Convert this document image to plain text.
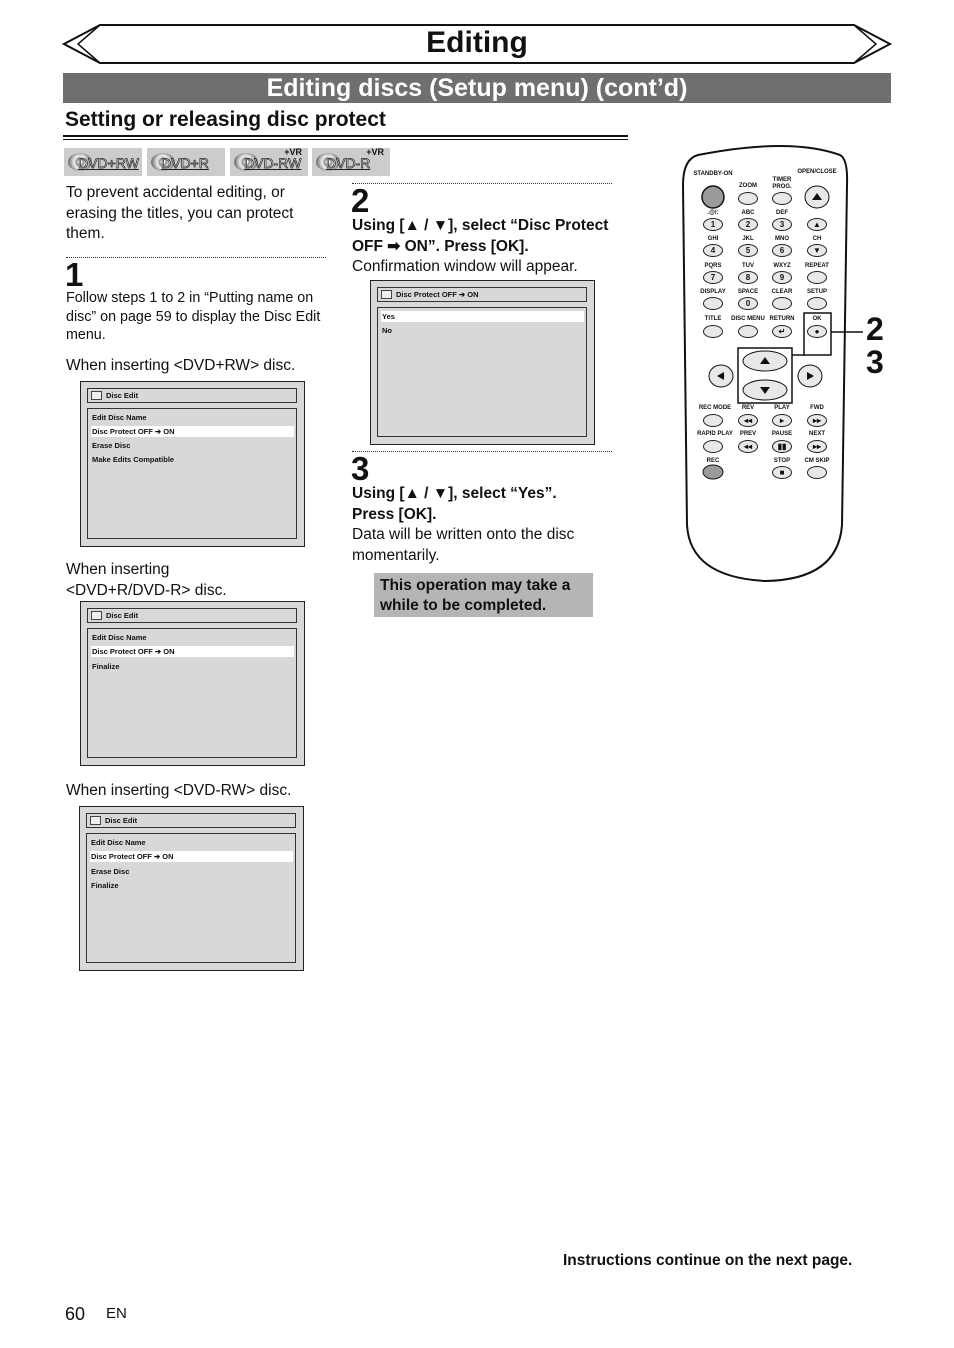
Editing
Editing discs (Setup menu) (cont’d)
Setting or releasing disc protect
DVD+RW DVD+R
+VR
DVD-RW
+VR
DVD-R
To prevent accidental editing, or erasing the titles, you can protect them.
1
Follow steps 1 to 2 in “Putting name on disc” on page 59 to display the Disc Edit menu.
When inserting <DVD+RW> disc.
Disc Edit
Edit Disc Name
Disc Protect OFF ➔ ON
Erase Disc
Make Edits Compatible
When inserting <DVD+R/DVD-R> disc.
Disc Edit
Edit Disc Name
Disc Protect OFF ➔ ON
Finalize
When inserting <DVD-RW> disc.
Disc Edit
Edit Disc Name
Disc Protect OFF ➔ ON
Erase Disc
Finalize
2
Using [▲ / ▼], select “Disc Protect OFF ➡ ON”. Press [OK].
Confirmation window will appear.
Disc Protect OFF ➔ ON
Yes
No
3
Using [▲ / ▼], select “Yes”. Press [OK].
Data will be written onto the disc momentarily.
This operation may take a while to be completed.
STANDBY-ON	OPEN/CLOSE
ZOOM
TIMER PROG.
.@/:	ABC	DEF
1	2	3	▲
GHI	JKL	MNO	CH
4	5	6	▼
PQRS	TUV	WXYZ	REPEAT
7	8	9
DISPLAY	SPACE	CLEAR	SETUP
0
TITLE	DISC MENU RETURN	OK
↵	●
REC MODE	REV	PLAY	FWD
◂◂	▸	▸▸
RAPID PLAY	PREV	PAUSE	NEXT
◂◂	▮▮	▸▸
REC	STOP	CM SKIP
■
2
3
Instructions continue on the next page.
60 EN
